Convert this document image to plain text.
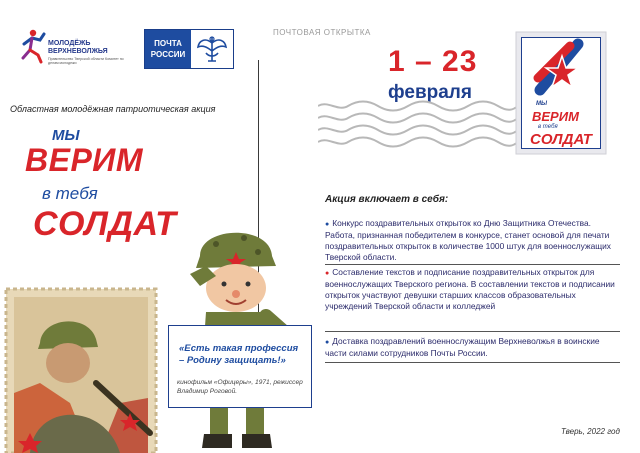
МОЛОДЁЖЬ
ВЕРХНЕВОЛЖЬЯ
Правительство Тверской области Комитет по делам молодежи
ПОЧТА
РОССИИ
Областная молодёжная патриотическая акция
МЫ
ВЕРИМ
в тебя
СОЛДАТ
ПОЧТОВАЯ ОТКРЫТКА
1 – 23
февраля
МЫ
ВЕРИМ
в тебя
СОЛДАТ
Акция включает в себя:
● Конкурс поздравительных открыток ко Дню Защитника Отечества. Работа, признанная победителем в конкурсе, станет основой для печати поздравительных открыток в количестве 1000 штук для военнослужащих Тверской области.
● Составление текстов и подписание поздравительных открыток для военнослужащих Тверского региона. В составлении текстов и подписании открыток участвуют девушки старших классов образовательных учреждений Тверской области и колледжей
● Доставка поздравлений военнослужащим Верхневолжья в воинские части силами сотрудников Почты России.
Тверь, 2022 год
«Есть такая профессия – Родину защищать!»
кинофильм «Офицеры», 1971, режиссер Владимир Роговой.
